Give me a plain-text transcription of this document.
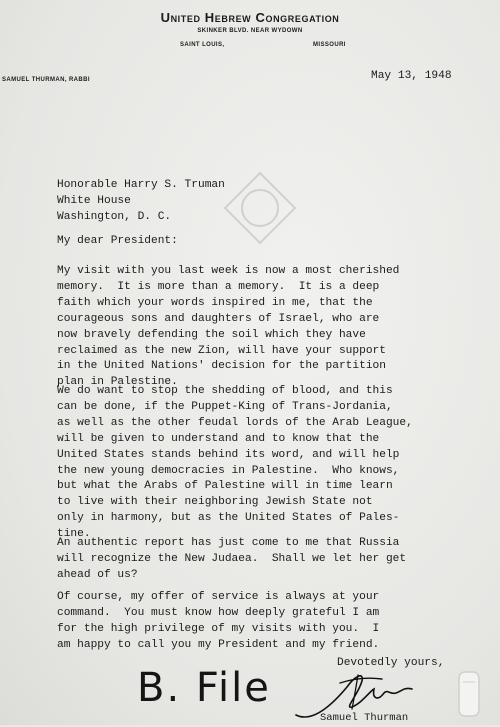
United Hebrew Congregation
SKINKER BLVD. NEAR WYDOWN
SAINT LOUIS,	MISSOURI
SAMUEL THURMAN, RABBI	May 13, 1948
Honorable Harry S. Truman
White House
Washington, D. C.
My dear President:
My visit with you last week is now a most cherished
memory.  It is more than a memory.  It is a deep
faith which your words inspired in me, that the
courageous sons and daughters of Israel, who are
now bravely defending the soil which they have
reclaimed as the new Zion, will have your support
in the United Nations' decision for the partition
plan in Palestine.
We do want to stop the shedding of blood, and this
can be done, if the Puppet-King of Trans-Jordania,
as well as the other feudal lords of the Arab League,
will be given to understand and to know that the
United States stands behind its word, and will help
the new young democracies in Palestine.  Who knows,
but what the Arabs of Palestine will in time learn
to live with their neighboring Jewish State not
only in harmony, but as the United States of Pales-
tine.
An authentic report has just come to me that Russia
will recognize the New Judaea.  Shall we let her get
ahead of us?
Of course, my offer of service is always at your
command.  You must know how deeply grateful I am
for the high privilege of my visits with you.  I
am happy to call you my President and my friend.
Devotedly yours,
B. File
Samuel Thurman
